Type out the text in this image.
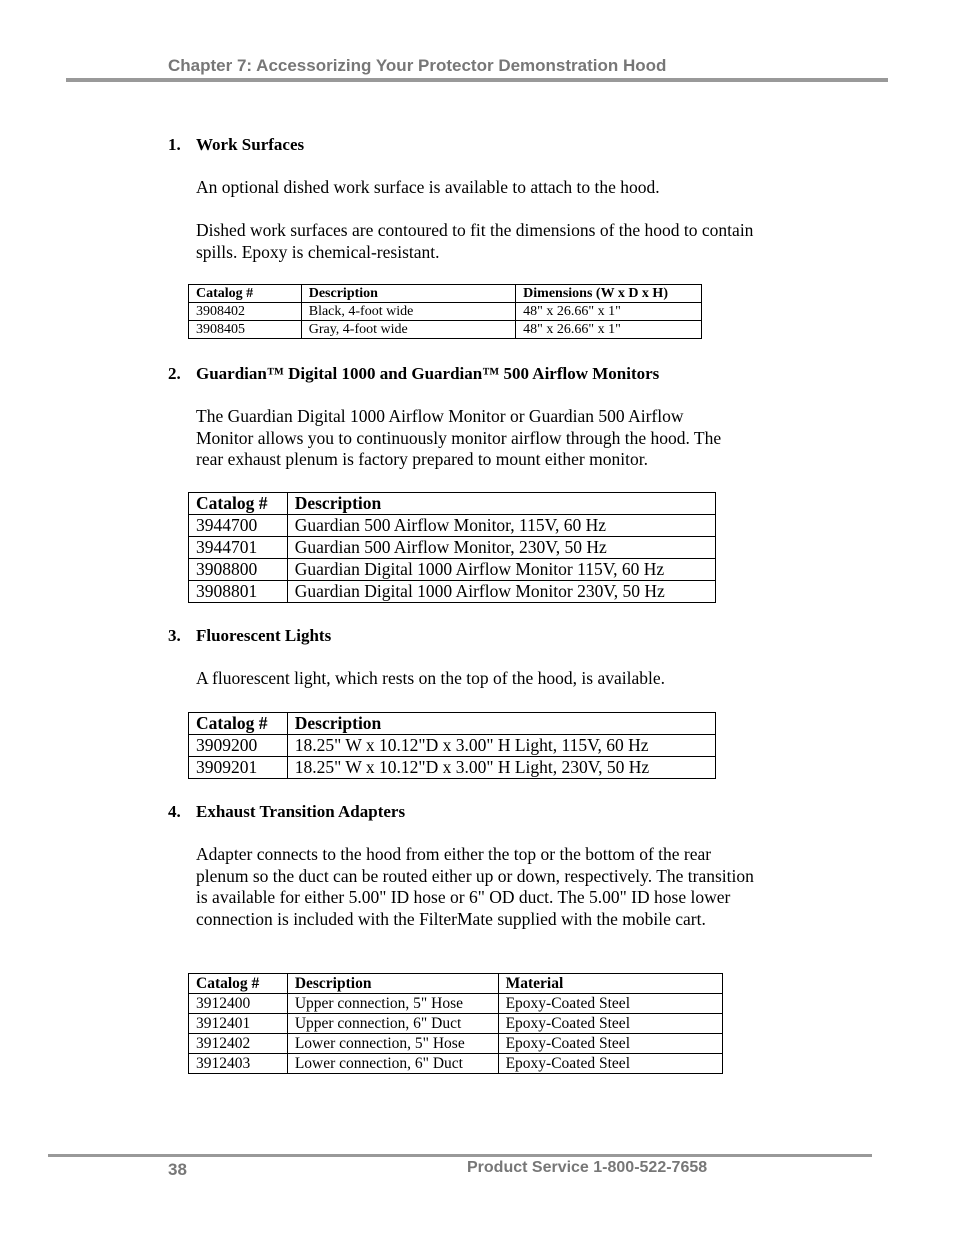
Chapter 7: Accessorizing Your Protector Demonstration Hood
1. Work Surfaces
An optional dished work surface is available to attach to the hood.
Dished work surfaces are contoured to fit the dimensions of the hood to contain spills. Epoxy is chemical-resistant.
Catalog #	Description	Dimensions (W x D x H)
3908402	Black, 4-foot wide	48" x 26.66" x 1"
3908405	Gray, 4-foot wide	48" x 26.66" x 1"
2. Guardian™ Digital 1000 and Guardian™ 500 Airflow Monitors
The Guardian Digital 1000 Airflow Monitor or Guardian 500 Airflow Monitor allows you to continuously monitor airflow through the hood. The rear exhaust plenum is factory prepared to mount either monitor.
Catalog #	Description
3944700	Guardian 500 Airflow Monitor, 115V, 60 Hz
3944701	Guardian 500 Airflow Monitor, 230V, 50 Hz
3908800	Guardian Digital 1000 Airflow Monitor 115V, 60 Hz
3908801	Guardian Digital 1000 Airflow Monitor 230V, 50 Hz
3. Fluorescent Lights
A fluorescent light, which rests on the top of the hood, is available.
Catalog #	Description
3909200	18.25" W x 10.12"D x 3.00" H Light, 115V, 60 Hz
3909201	18.25" W x 10.12"D x 3.00" H Light, 230V, 50 Hz
4. Exhaust Transition Adapters
Adapter connects to the hood from either the top or the bottom of the rear plenum so the duct can be routed either up or down, respectively. The transition is available for either 5.00" ID hose or 6" OD duct. The 5.00" ID hose lower connection is included with the FilterMate supplied with the mobile cart.
Catalog #	Description	Material
3912400	Upper connection, 5" Hose	Epoxy-Coated Steel
3912401	Upper connection, 6" Duct	Epoxy-Coated Steel
3912402	Lower connection, 5" Hose	Epoxy-Coated Steel
3912403	Lower connection, 6" Duct	Epoxy-Coated Steel
38	Product Service 1-800-522-7658
